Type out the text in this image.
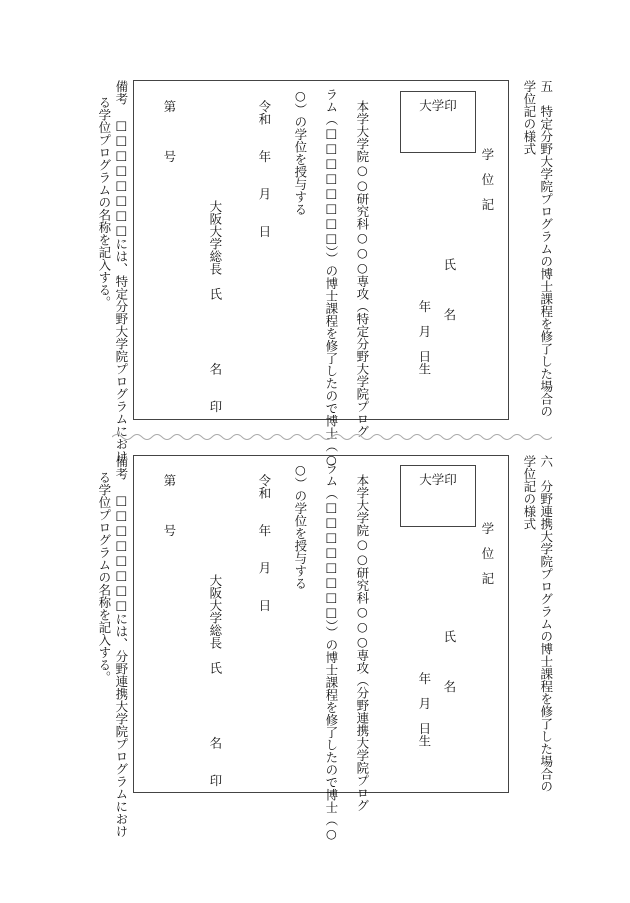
五　特定分野大学院プログラムの博士課程を修了した場合の学位記の様式
大学印
学　位　記
氏　　　名
年　月　日生
本学大学院○○研究科○○○専攻（特定分野大学院プログ
ラム（□□□□□□□□））の博士課程を修了したので博士（○
○）の学位を授与する
令和　　年　　月　　日
大阪大学総長　氏　　　　　名　　印
第　　　号
備考　□□□□□□□□には、特定分野大学院プログラムにおけ
る学位プログラムの名称を記入する。
六　分野連携大学院プログラムの博士課程を修了した場合の学位記の様式
大学印
学　位　記
氏　　　名
年　月　日生
本学大学院○○研究科○○○専攻（分野連携大学院プログ
ラム（□□□□□□□□））の博士課程を修了したので博士（○
○）の学位を授与する
令和　　年　　月　　日
大阪大学総長　氏　　　　　名　　印
第　　　号
備考　□□□□□□□□には、分野連携大学院プログラムにおけ
る学位プログラムの名称を記入する。
